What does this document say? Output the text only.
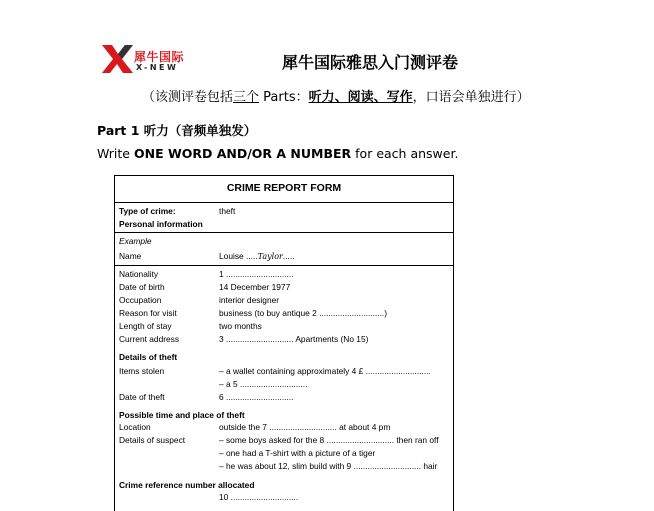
犀牛国际
X-NEW	犀牛国际雅思入门测评卷
（该测评卷包括三个 Parts：听力、阅读、写作，口语会单独进行）
Part 1 听力（音频单独发）
Write ONE WORD AND/OR A NUMBER for each answer.
CRIME REPORT FORM
Type of crime:	theft
Personal information
Example
Name	Louise .....Taylor.....
Nationality	1 .............................
Date of birth	14 December 1977
Occupation	interior designer
Reason for visit	business (to buy antique 2 ............................)
Length of stay	two months
Current address	3 ............................. Apartments (No 15)
Details of theft
Items stolen	– a wallet containing approximately 4 £ ............................
– a 5 .............................
Date of theft	6 .............................
Possible time and place of theft
Location	outside the 7 ............................. at about 4 pm
Details of suspect	– some boys asked for the 8 ............................. then ran off
– one had a T-shirt with a picture of a tiger
– he was about 12, slim build with 9 ............................. hair
Crime reference number allocated
10 .............................
